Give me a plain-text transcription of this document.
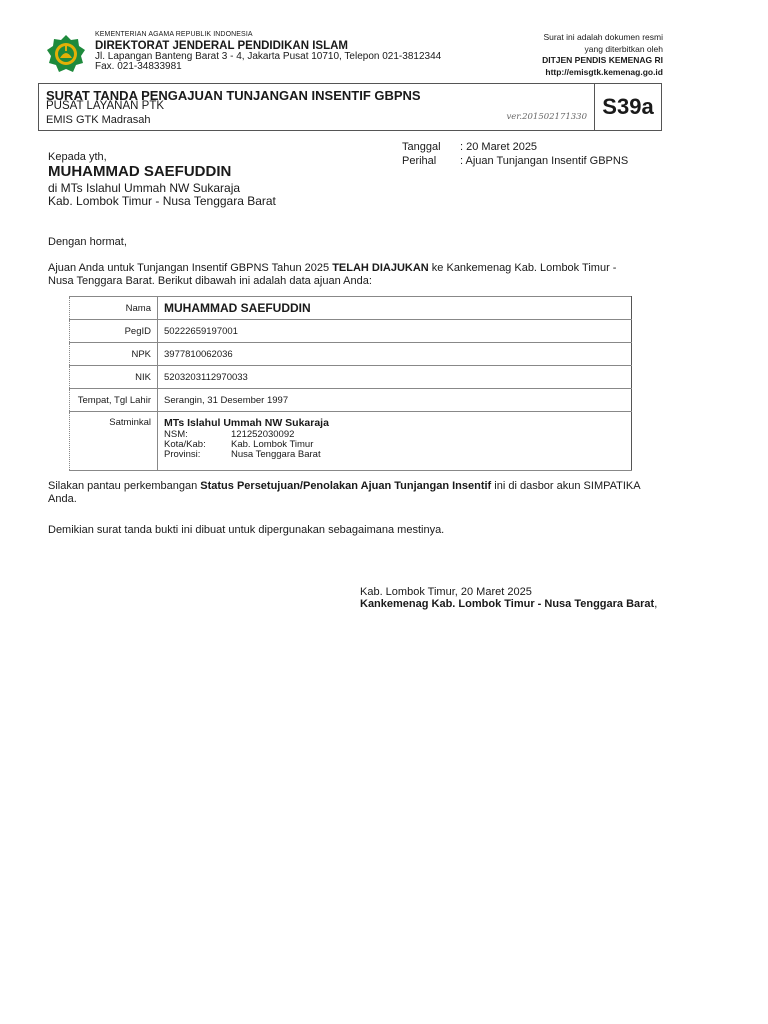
KEMENTERIAN AGAMA REPUBLIK INDONESIA
DIREKTORAT JENDERAL PENDIDIKAN ISLAM
Jl. Lapangan Banteng Barat 3 - 4, Jakarta Pusat 10710, Telepon 021-3812344
Fax. 021-34833981
Surat ini adalah dokumen resmi
yang diterbitkan oleh
DITJEN PENDIS KEMENAG RI
http://emisgtk.kemenag.go.id
SURAT TANDA PENGAJUAN TUNJANGAN INSENTIF GBPNS
PUSAT LAYANAN PTK
EMIS GTK Madrasah	ver.201502171330 S39a
Tanggal	: 20 Maret 2025
Perihal	: Ajuan Tunjangan Insentif GBPNS
Kepada yth,
MUHAMMAD SAEFUDDIN
di MTs Islahul Ummah NW Sukaraja
Kab. Lombok Timur - Nusa Tenggara Barat
Dengan hormat,
Ajuan Anda untuk Tunjangan Insentif GBPNS Tahun 2025 TELAH DIAJUKAN ke Kankemenag Kab. Lombok Timur -
Nusa Tenggara Barat. Berikut dibawah ini adalah data ajuan Anda:
Nama	MUHAMMAD SAEFUDDIN
PegID	50222659197001
NPK	3977810062036
NIK	5203203112970033
Tempat, Tgl Lahir	Serangin, 31 Desember 1997
Satminkal	MTs Islahul Ummah NW Sukaraja
NSM: 121252030092
Kota/Kab: Kab. Lombok Timur
Provinsi: Nusa Tenggara Barat
Silakan pantau perkembangan Status Persetujuan/Penolakan Ajuan Tunjangan Insentif ini di dasbor akun SIMPATIKA
Anda.
Demikian surat tanda bukti ini dibuat untuk dipergunakan sebagaimana mestinya.
Kab. Lombok Timur, 20 Maret 2025
Kankemenag Kab. Lombok Timur - Nusa Tenggara Barat,
